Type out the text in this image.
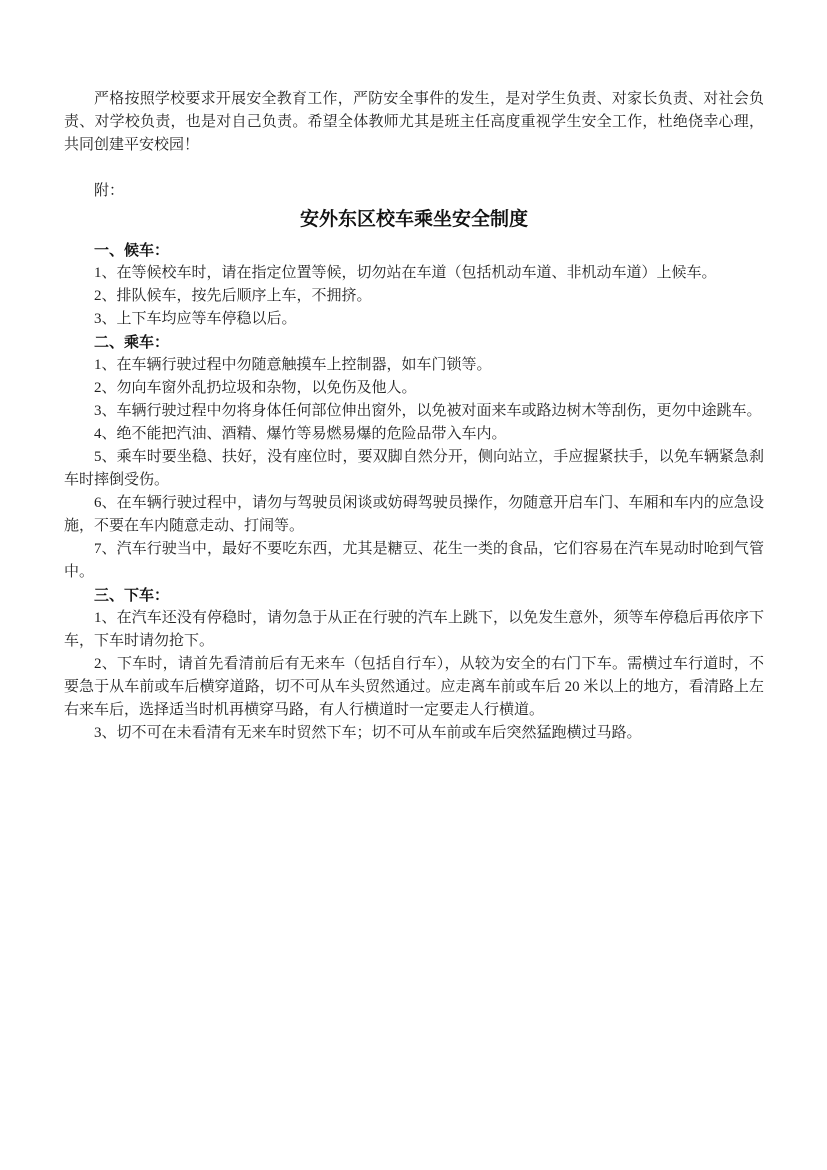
严格按照学校要求开展安全教育工作，严防安全事件的发生，是对学生负责、对家长负责、对社会负责、对学校负责，也是对自己负责。希望全体教师尤其是班主任高度重视学生安全工作，杜绝侥幸心理，共同创建平安校园！

附：

安外东区校车乘坐安全制度

一、候车：

1、在等候校车时，请在指定位置等候，切勿站在车道（包括机动车道、非机动车道）上候车。

2、排队候车，按先后顺序上车，不拥挤。

3、上下车均应等车停稳以后。

二、乘车：

1、在车辆行驶过程中勿随意触摸车上控制器，如车门锁等。

2、勿向车窗外乱扔垃圾和杂物，以免伤及他人。

3、车辆行驶过程中勿将身体任何部位伸出窗外，以免被对面来车或路边树木等刮伤，更勿中途跳车。

4、绝不能把汽油、酒精、爆竹等易燃易爆的危险品带入车内。

5、乘车时要坐稳、扶好，没有座位时，要双脚自然分开，侧向站立，手应握紧扶手，以免车辆紧急刹车时摔倒受伤。

6、在车辆行驶过程中，请勿与驾驶员闲谈或妨碍驾驶员操作，勿随意开启车门、车厢和车内的应急设施，不要在车内随意走动、打闹等。

7、汽车行驶当中，最好不要吃东西，尤其是糖豆、花生一类的食品，它们容易在汽车晃动时呛到气管中。

三、下车：

1、在汽车还没有停稳时，请勿急于从正在行驶的汽车上跳下，以免发生意外，须等车停稳后再依序下车，下车时请勿抢下。

2、下车时，请首先看清前后有无来车（包括自行车），从较为安全的右门下车。需横过车行道时，不要急于从车前或车后横穿道路，切不可从车头贸然通过。应走离车前或车后 20 米以上的地方，看清路上左右来车后，选择适当时机再横穿马路，有人行横道时一定要走人行横道。

3、切不可在未看清有无来车时贸然下车；切不可从车前或车后突然猛跑横过马路。
